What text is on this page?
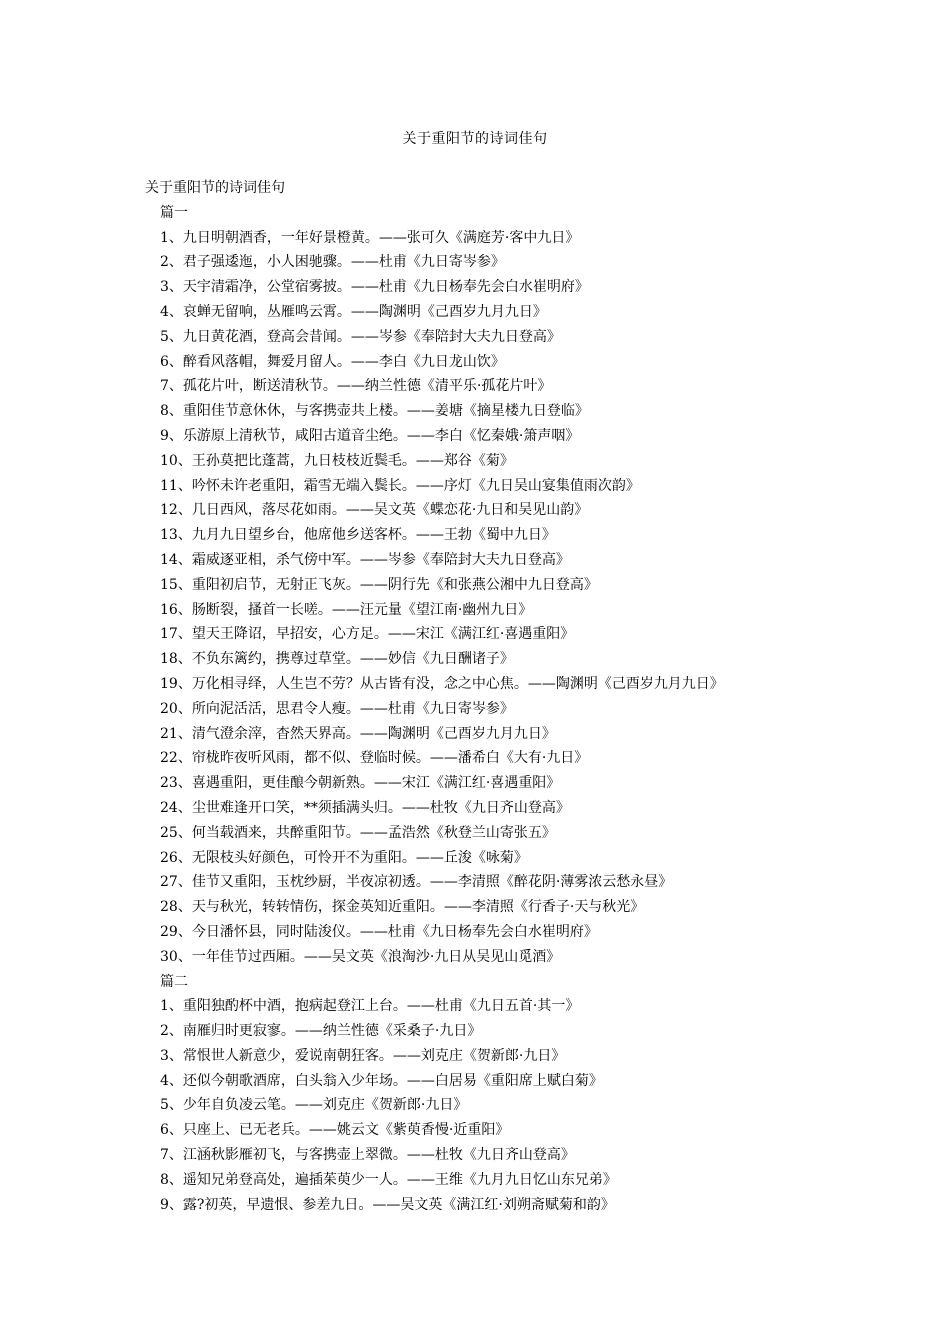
关于重阳节的诗词佳句
关于重阳节的诗词佳句
篇一
1、九日明朝酒香，一年好景橙黄。——张可久《满庭芳·客中九日》
2、君子强逶迤，小人困驰骤。——杜甫《九日寄岑参》
3、天宇清霜净，公堂宿雾披。——杜甫《九日杨奉先会白水崔明府》
4、哀蝉无留响，丛雁鸣云霄。——陶渊明《己酉岁九月九日》
5、九日黄花酒，登高会昔闻。——岑参《奉陪封大夫九日登高》
6、醉看风落帽，舞爱月留人。——李白《九日龙山饮》
7、孤花片叶，断送清秋节。——纳兰性德《清平乐·孤花片叶》
8、重阳佳节意休休，与客携壶共上楼。——姜塘《摘星楼九日登临》
9、乐游原上清秋节，咸阳古道音尘绝。——李白《忆秦娥·箫声咽》
10、王孙莫把比蓬蒿，九日枝枝近鬓毛。——郑谷《菊》
11、吟怀未许老重阳，霜雪无端入鬓长。——序灯《九日吴山宴集值雨次韵》
12、几日西风，落尽花如雨。——吴文英《蝶恋花·九日和吴见山韵》
13、九月九日望乡台，他席他乡送客杯。——王勃《蜀中九日》
14、霜威逐亚相，杀气傍中军。——岑参《奉陪封大夫九日登高》
15、重阳初启节，无射正飞灰。——阴行先《和张燕公湘中九日登高》
16、肠断裂，搔首一长嗟。——汪元量《望江南·幽州九日》
17、望天王降诏，早招安，心方足。——宋江《满江红·喜遇重阳》
18、不负东篱约，携尊过草堂。——妙信《九日酬诸子》
19、万化相寻绎，人生岂不劳？从古皆有没，念之中心焦。——陶渊明《己酉岁九月九日》
20、所向泥活活，思君令人瘦。——杜甫《九日寄岑参》
21、清气澄余滓，杳然天界高。——陶渊明《己酉岁九月九日》
22、帘栊昨夜听风雨，都不似、登临时候。——潘希白《大有·九日》
23、喜遇重阳，更佳酿今朝新熟。——宋江《满江红·喜遇重阳》
24、尘世难逢开口笑，**须插满头归。——杜牧《九日齐山登高》
25、何当载酒来，共醉重阳节。——孟浩然《秋登兰山寄张五》
26、无限枝头好颜色，可怜开不为重阳。——丘浚《咏菊》
27、佳节又重阳，玉枕纱厨，半夜凉初透。——李清照《醉花阴·薄雾浓云愁永昼》
28、天与秋光，转转情伤，探金英知近重阳。——李清照《行香子·天与秋光》
29、今日潘怀县，同时陆浚仪。——杜甫《九日杨奉先会白水崔明府》
30、一年佳节过西厢。——吴文英《浪淘沙·九日从吴见山觅酒》
篇二
1、重阳独酌杯中酒，抱病起登江上台。——杜甫《九日五首·其一》
2、南雁归时更寂寥。——纳兰性德《采桑子·九日》
3、常恨世人新意少，爱说南朝狂客。——刘克庄《贺新郎·九日》
4、还似今朝歌酒席，白头翁入少年场。——白居易《重阳席上赋白菊》
5、少年自负凌云笔。——刘克庄《贺新郎·九日》
6、只座上、已无老兵。——姚云文《紫萸香慢·近重阳》
7、江涵秋影雁初飞，与客携壶上翠微。——杜牧《九日齐山登高》
8、遥知兄弟登高处，遍插茱萸少一人。——王维《九月九日忆山东兄弟》
9、露?初英，早遗恨、参差九日。——吴文英《满江红·刘朔斋赋菊和韵》
